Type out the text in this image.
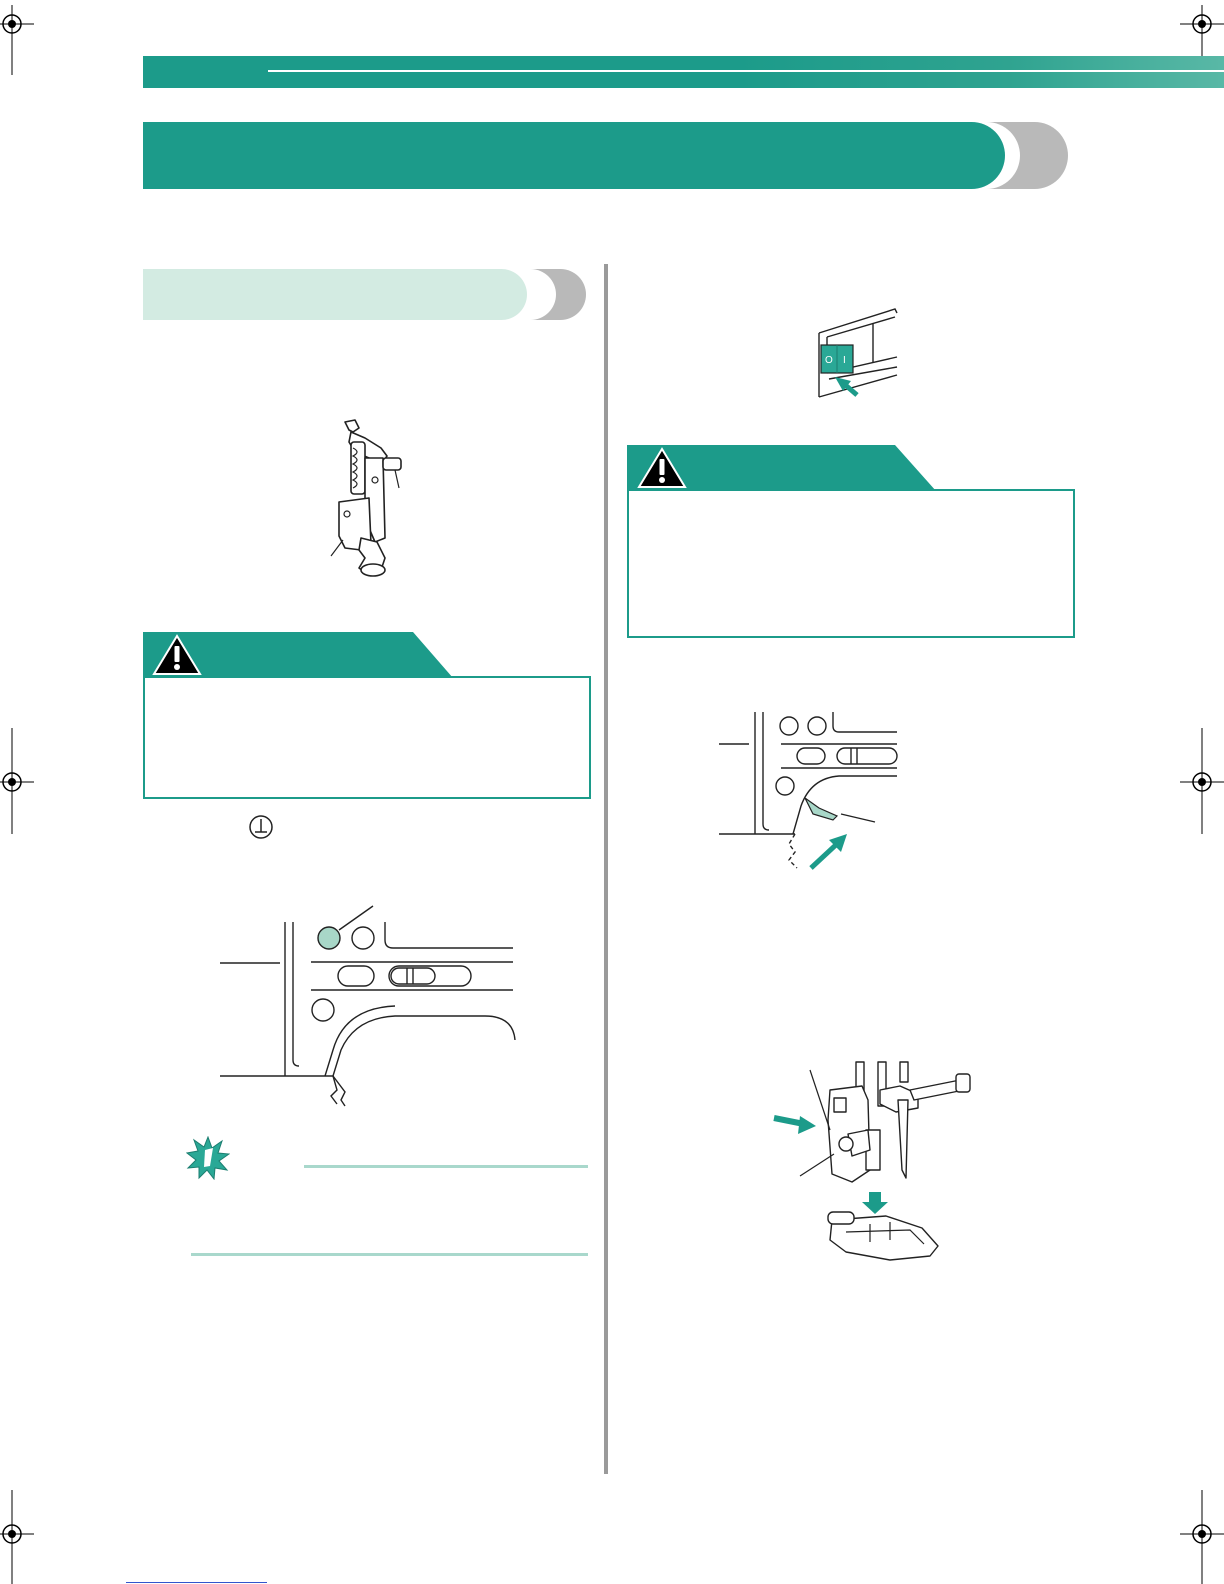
O I
